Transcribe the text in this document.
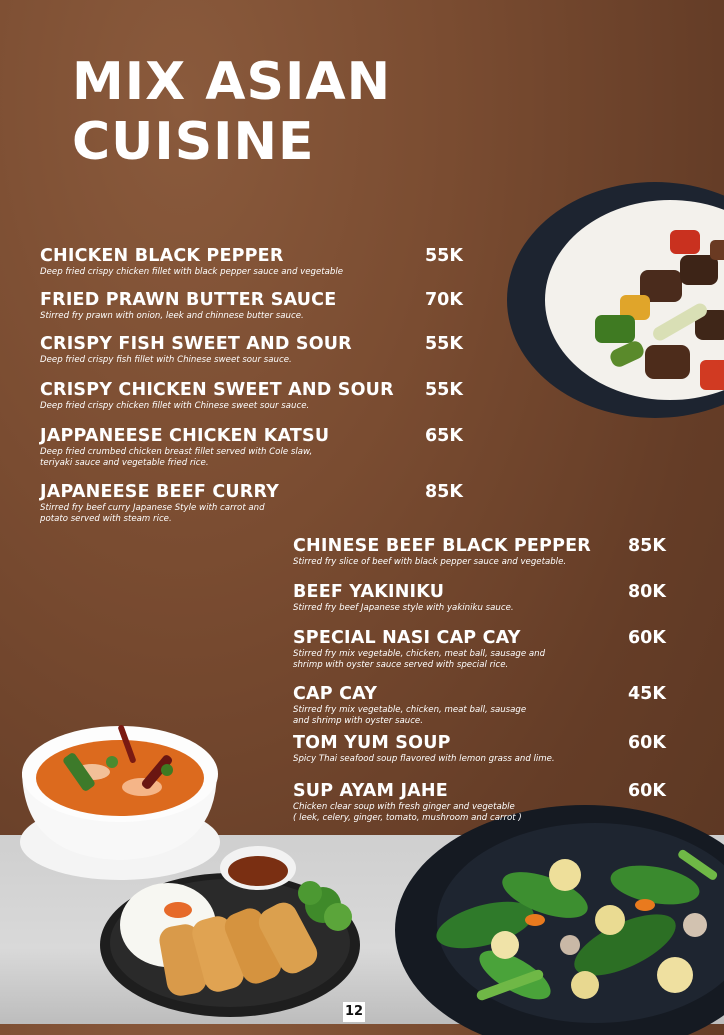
MIX ASIAN
CUISINE
CHICKEN BLACK PEPPER
Deep fried crispy chicken fillet with black pepper sauce and vegetable
55K
FRIED PRAWN BUTTER SAUCE
Stirred fry prawn with onion, leek and chinnese butter sauce.
70K
CRISPY FISH SWEET AND SOUR
Deep fried crispy fish fillet with Chinese sweet sour sauce.
55K
CRISPY CHICKEN SWEET AND SOUR
Deep fried crispy chicken fillet with Chinese sweet sour sauce.
55K
JAPPANEESE CHICKEN KATSU
Deep fried crumbed chicken breast fillet served with Cole slaw,
teriyaki sauce and vegetable fried rice.
65K
JAPANEESE BEEF CURRY
Stirred fry beef curry Japanese Style with carrot and
potato served with steam rice.
85K
CHINESE BEEF BLACK PEPPER
Stirred fry slice of beef with black pepper sauce and vegetable.
85K
BEEF YAKINIKU
Stirred fry beef Japanese style with yakiniku sauce.
80K
SPECIAL NASI CAP CAY
Stirred fry mix vegetable, chicken, meat ball, sausage and
shrimp with oyster sauce served with special rice.
60K
CAP CAY
Stirred fry mix vegetable, chicken, meat ball, sausage
and shrimp with oyster sauce.
45K
TOM YUM SOUP
Spicy Thai seafood soup flavored with lemon grass and lime.
60K
SUP AYAM JAHE
Chicken clear soup with fresh ginger and vegetable
( leek, celery, ginger, tomato, mushroom and carrot )
60K
12
